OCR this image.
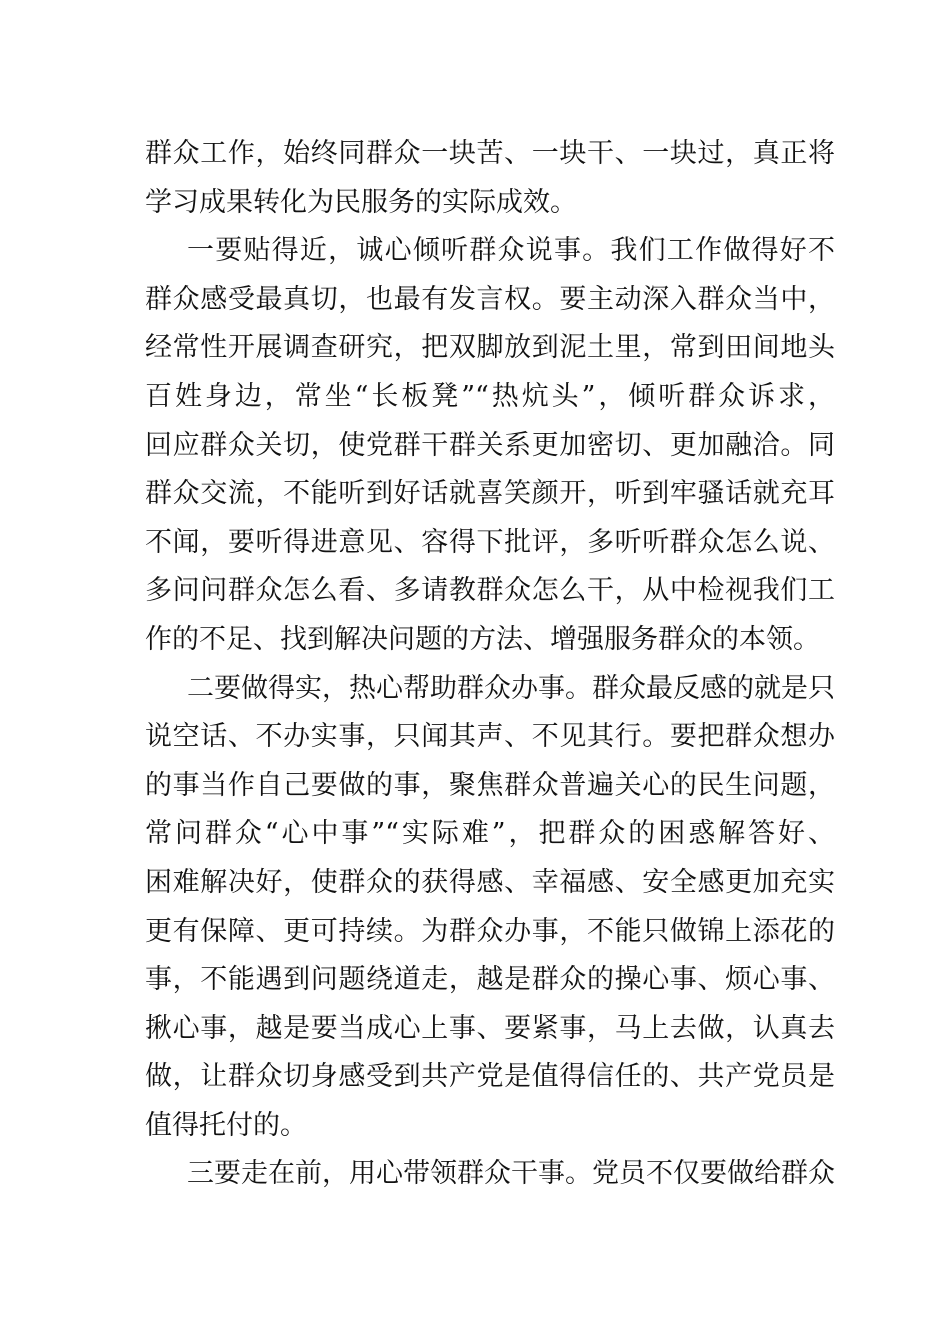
群众工作，始终同群众一块苦、一块干、一块过，真正将
学习成果转化为民服务的实际成效。
一要贴得近，诚心倾听群众说事。我们工作做得好不
群众感受最真切，也最有发言权。要主动深入群众当中，
经常性开展调查研究，把双脚放到泥土里，常到田间地头
百姓身边，常坐“长板凳”“热炕头”，倾听群众诉求，
回应群众关切，使党群干群关系更加密切、更加融洽。同
群众交流，不能听到好话就喜笑颜开，听到牢骚话就充耳
不闻，要听得进意见、容得下批评，多听听群众怎么说、
多问问群众怎么看、多请教群众怎么干，从中检视我们工
作的不足、找到解决问题的方法、增强服务群众的本领。
二要做得实，热心帮助群众办事。群众最反感的就是只
说空话、不办实事，只闻其声、不见其行。要把群众想办
的事当作自己要做的事，聚焦群众普遍关心的民生问题，
常问群众“心中事”“实际难”，把群众的困惑解答好、
困难解决好，使群众的获得感、幸福感、安全感更加充实
更有保障、更可持续。为群众办事，不能只做锦上添花的
事，不能遇到问题绕道走，越是群众的操心事、烦心事、
揪心事，越是要当成心上事、要紧事，马上去做，认真去
做，让群众切身感受到共产党是值得信任的、共产党员是
值得托付的。
三要走在前，用心带领群众干事。党员不仅要做给群众
